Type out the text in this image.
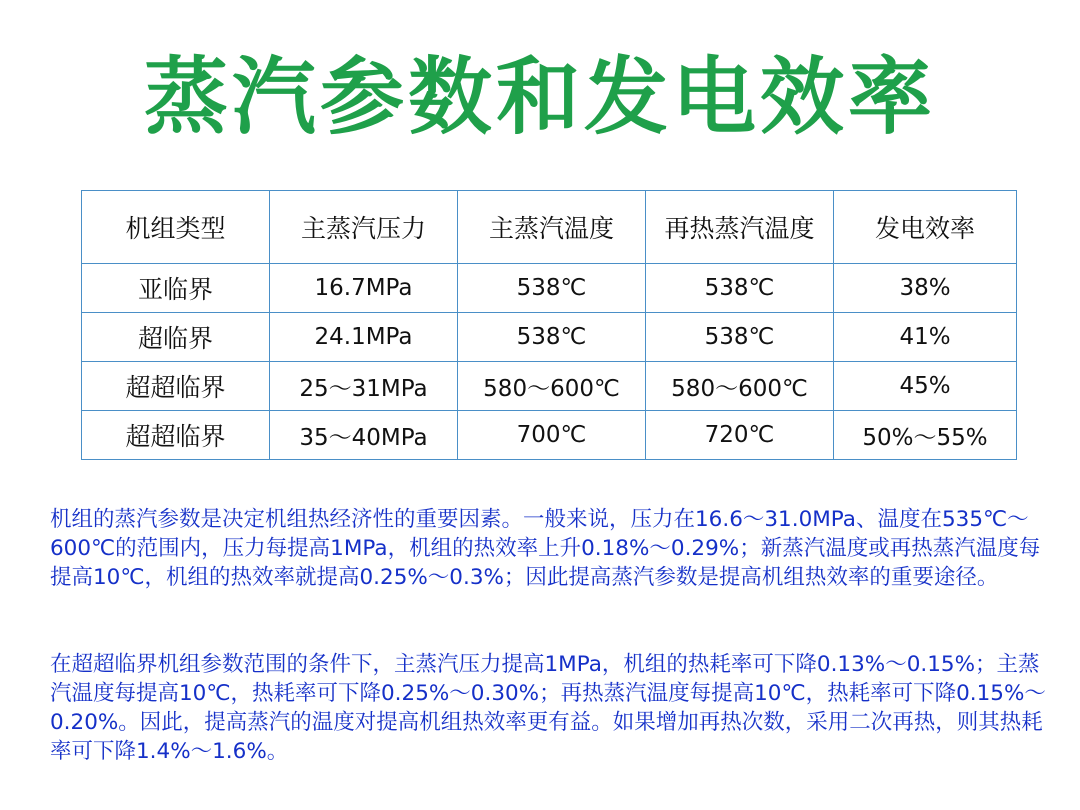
蒸汽参数和发电效率
机组类型	主蒸汽压力	主蒸汽温度	再热蒸汽温度	发电效率
亚临界	16.7MPa	538℃	538℃	38%
超临界	24.1MPa	538℃	538℃	41%
超超临界	25～31MPa	580～600℃	580～600℃	45%
超超临界	35～40MPa	700℃	720℃	50%～55%
机组的蒸汽参数是决定机组热经济性的重要因素。一般来说，压力在16.6～31.0MPa、温度在535℃～600℃的范围内，压力每提高1MPa，机组的热效率上升0.18%～0.29%；新蒸汽温度或再热蒸汽温度每提高10℃，机组的热效率就提高0.25%～0.3%；因此提高蒸汽参数是提高机组热效率的重要途径。
在超超临界机组参数范围的条件下，主蒸汽压力提高1MPa，机组的热耗率可下降0.13%～0.15%；主蒸汽温度每提高10℃，热耗率可下降0.25%～0.30%；再热蒸汽温度每提高10℃，热耗率可下降0.15%～0.20%。因此，提高蒸汽的温度对提高机组热效率更有益。如果增加再热次数，采用二次再热，则其热耗率可下降1.4%～1.6%。
